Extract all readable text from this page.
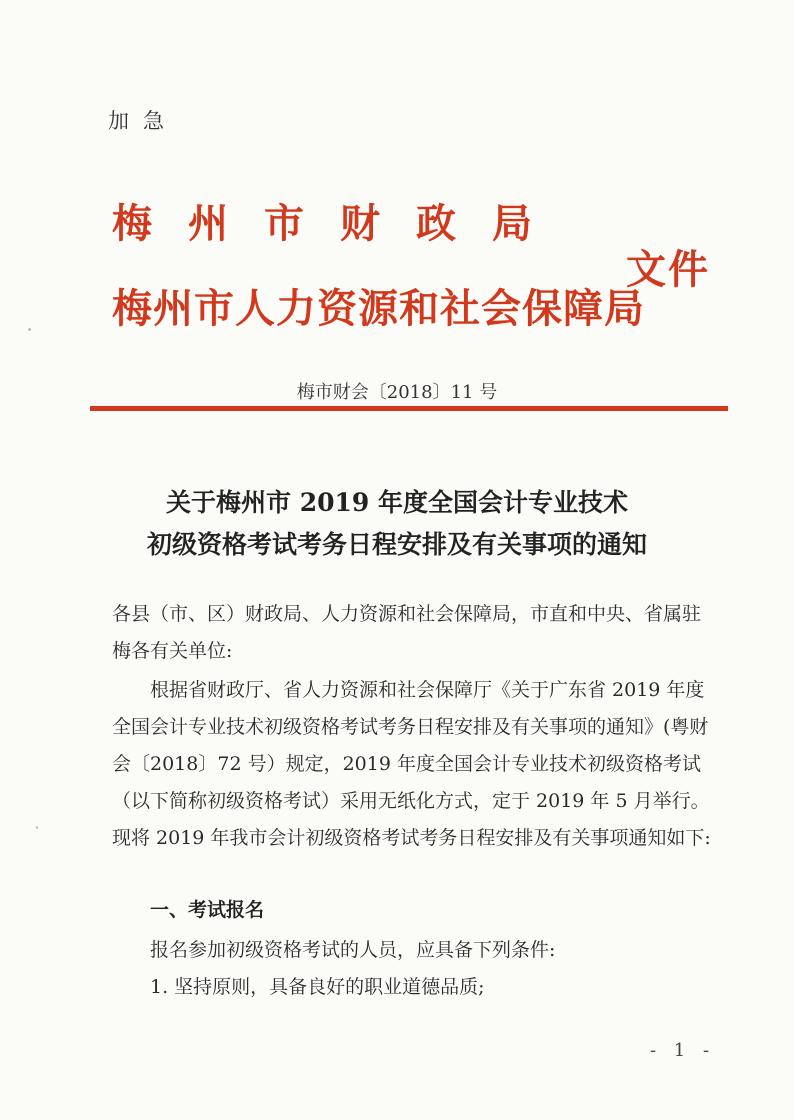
加急
梅州市财政局
梅州市人力资源和社会保障局
文件
梅市财会〔2018〕11 号
关于梅州市 2019 年度全国会计专业技术
初级资格考试考务日程安排及有关事项的通知
各县（市、区）财政局、人力资源和社会保障局，市直和中央、省属驻梅各有关单位:
根据省财政厅、省人力资源和社会保障厅《关于广东省 2019 年度全国会计专业技术初级资格考试考务日程安排及有关事项的通知》(粤财会〔2018〕72 号）规定，2019 年度全国会计专业技术初级资格考试（以下简称初级资格考试）采用无纸化方式，定于 2019 年 5 月举行。现将 2019 年我市会计初级资格考试考务日程安排及有关事项通知如下:
一、考试报名
报名参加初级资格考试的人员，应具备下列条件:
1. 坚持原则，具备良好的职业道德品质;
- 1 -
